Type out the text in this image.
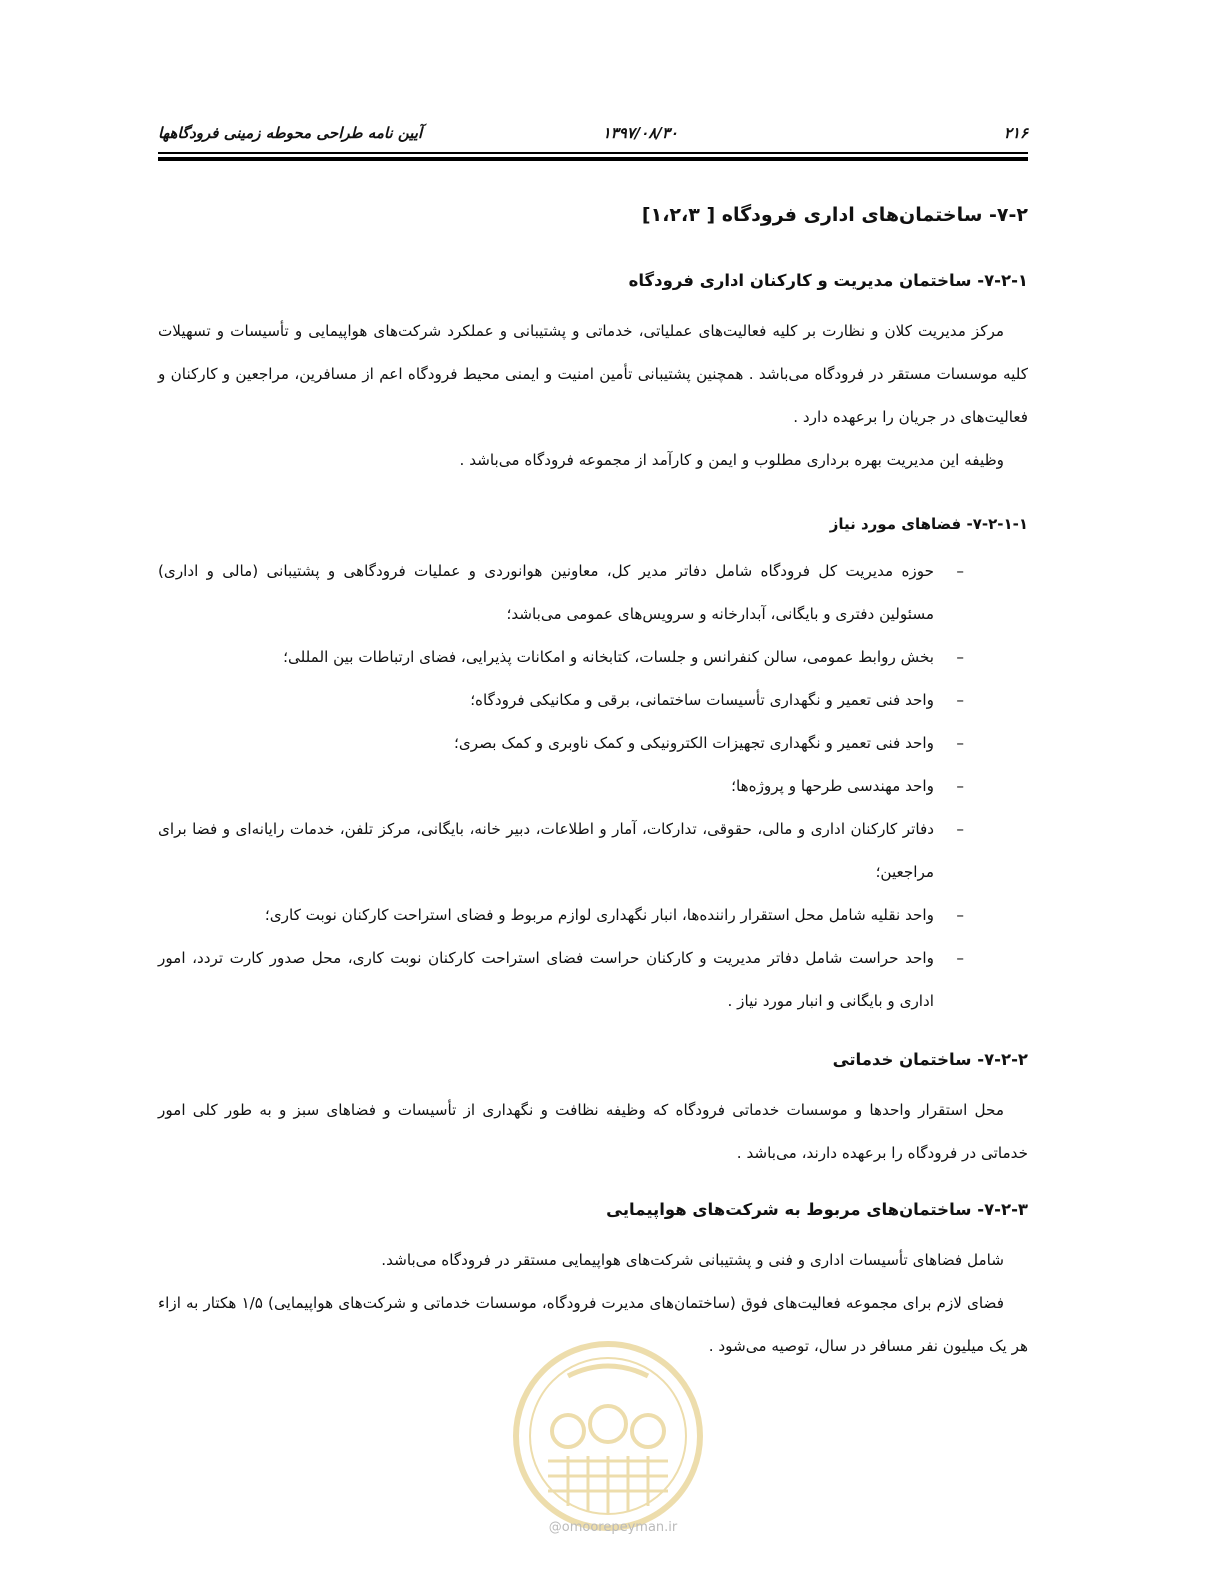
۲۱۶
۱۳۹۷/۰۸/۳۰
آیین نامه طراحی محوطه زمینی فرودگاهها
۷-۲- ساختمان‌های اداری فرودگاه [ ۱،۲،۳]
۷-۲-۱- ساختمان مدیریت و کارکنان اداری فرودگاه

مرکز مدیریت کلان و نظارت بر کلیه فعالیت‌های عملیاتی، خدماتی و پشتیبانی و عملکرد شرکت‌های هواپیمایی و تأسیسات و تسهیلات کلیه موسسات مستقر در فرودگاه می‌باشد . همچنین پشتیبانی تأمین امنیت و ایمنی محیط فرودگاه اعم از مسافرین، مراجعین و کارکنان و فعالیت‌های در جریان را برعهده دارد .

وظیفه این مدیریت بهره برداری مطلوب و ایمن و کارآمد از مجموعه فرودگاه می‌باشد .

۷-۲-۱-۱- فضاهای مورد نیاز
–
حوزه مدیریت کل فرودگاه شامل دفاتر مدیر کل، معاونین هوانوردی و عملیات فرودگاهی و پشتیبانی (مالی و اداری) مسئولین دفتری و بایگانی، آبدارخانه و سرویس‌های عمومی می‌باشد؛
–
بخش روابط عمومی، سالن کنفرانس و جلسات، کتابخانه و امکانات پذیرایی، فضای ارتباطات بین المللی؛
–
واحد فنی تعمیر و نگهداری تأسیسات ساختمانی، برقی و مکانیکی فرودگاه؛
–
واحد فنی تعمیر و نگهداری تجهیزات الکترونیکی و کمک ناوبری و کمک بصری؛
–
واحد مهندسی طرحها و پروژه‌ها؛
–
دفاتر کارکنان اداری و مالی، حقوقی، تدارکات، آمار و اطلاعات، دبیر خانه، بایگانی، مرکز تلفن، خدمات رایانه‌ای و فضا برای مراجعین؛
–
واحد نقلیه شامل محل استقرار راننده‌ها، انبار نگهداری لوازم مربوط و فضای استراحت کارکنان نوبت کاری؛
–
واحد حراست شامل دفاتر مدیریت و کارکنان حراست فضای استراحت کارکنان نوبت کاری، محل صدور کارت تردد، امور اداری و بایگانی و انبار مورد نیاز .
۷-۲-۲- ساختمان خدماتی

محل استقرار واحدها و موسسات خدماتی فرودگاه که وظیفه نظافت و نگهداری از تأسیسات و فضاهای سبز و به طور کلی امور خدماتی در فرودگاه را برعهده دارند، می‌باشد .

۷-۲-۳- ساختمان‌های مربوط به شرکت‌های هواپیمایی

شامل فضاهای تأسیسات اداری و فنی و پشتیبانی شرکت‌های هواپیمایی مستقر در فرودگاه می‌باشد.

فضای لازم برای مجموعه فعالیت‌های فوق (ساختمان‌های مدیرت فرودگاه، موسسات خدماتی و شرکت‌های هواپیمایی) ۱/۵ هکتار به ازاء هر یک میلیون نفر مسافر در سال، توصیه می‌شود .

@omoorepeyman.ir
